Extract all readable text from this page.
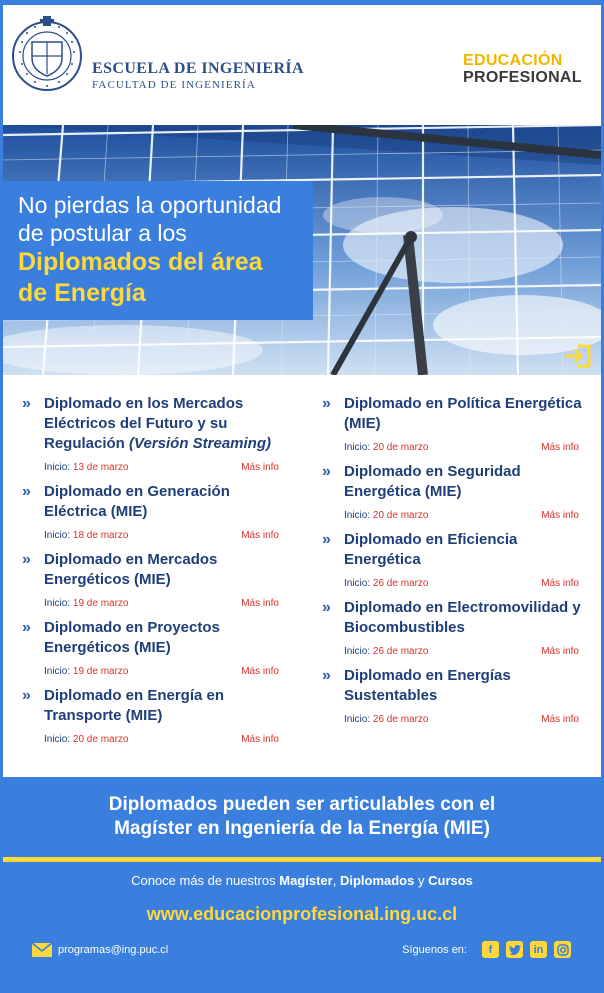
ESCUELA DE INGENIERÍA
FACULTAD DE INGENIERÍA
EDUCACIÓN
PROFESIONAL
No pierdas la oportunidad
de postular a los
Diplomados del área
de Energía
» Diplomado en los Mercados Eléctricos del Futuro y su Regulación (Versión Streaming)
Inicio: 13 de marzo	Más info
» Diplomado en Generación Eléctrica (MIE)
Inicio: 18 de marzo	Más info
» Diplomado en Mercados Energéticos (MIE)
Inicio: 19 de marzo	Más info
» Diplomado en Proyectos Energéticos (MIE)
Inicio: 19 de marzo	Más info
» Diplomado en Energía en Transporte (MIE)
Inicio: 20 de marzo	Más info
» Diplomado en Política Energética (MIE)
Inicio: 20 de marzo	Más info
» Diplomado en Seguridad Energética (MIE)
Inicio: 20 de marzo	Más info
» Diplomado en Eficiencia Energética
Inicio: 26 de marzo	Más info
» Diplomado en Electromovilidad y Biocombustibles
Inicio: 26 de marzo	Más info
» Diplomado en Energías Sustentables
Inicio: 26 de marzo	Más info
Diplomados pueden ser articulables con el
Magíster en Ingeniería de la Energía (MIE)
Conoce más de nuestros Magíster, Diplomados y Cursos
www.educacionprofesional.ing.uc.cl
programas@ing.puc.cl	Síguenos en:	f	in
